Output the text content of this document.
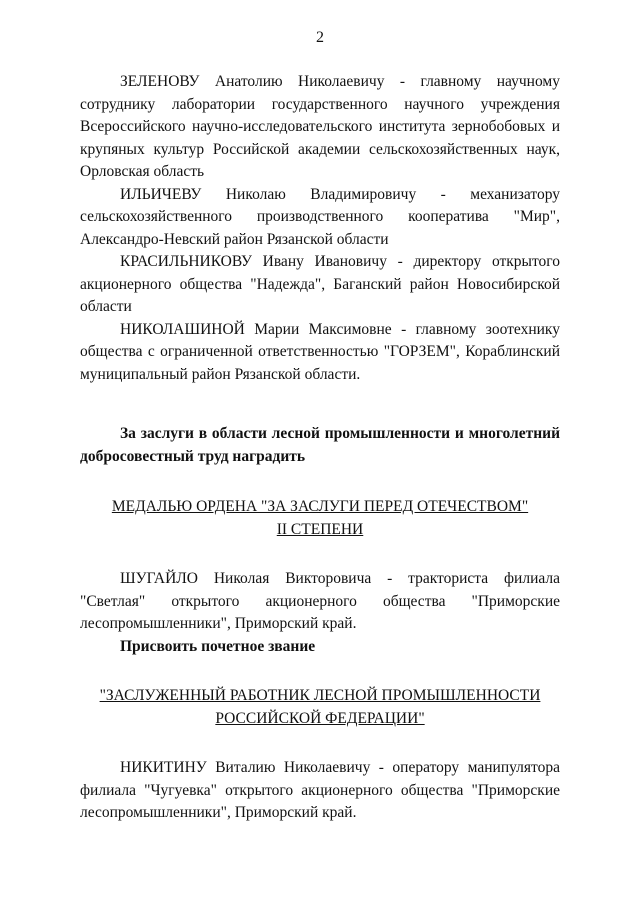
2

ЗЕЛЕНОВУ Анатолию Николаевичу - главному научному сотруднику лаборатории государственного научного учреждения Всероссийского научно-исследовательского института зернобобовых и крупяных культур Российской академии сельскохозяйственных наук, Орловская область

ИЛЬИЧЕВУ Николаю Владимировичу - механизатору сельскохозяйственного производственного кооператива "Мир", Александро-Невский район Рязанской области

КРАСИЛЬНИКОВУ Ивану Ивановичу - директору открытого акционерного общества "Надежда", Баганский район Новосибирской области

НИКОЛАШИНОЙ Марии Максимовне - главному зоотехнику общества с ограниченной ответственностью "ГОРЗЕМ", Кораблинский муниципальный район Рязанской области.

За заслуги в области лесной промышленности и многолетний добросовестный труд наградить

МЕДАЛЬЮ ОРДЕНА "ЗА ЗАСЛУГИ ПЕРЕД ОТЕЧЕСТВОМ"
II СТЕПЕНИ

ШУГАЙЛО Николая Викторовича - тракториста филиала "Светлая" открытого акционерного общества "Приморские лесопромышленники", Приморский край.

Присвоить почетное звание

"ЗАСЛУЖЕННЫЙ РАБОТНИК ЛЕСНОЙ ПРОМЫШЛЕННОСТИ
РОССИЙСКОЙ ФЕДЕРАЦИИ"

НИКИТИНУ Виталию Николаевичу - оператору манипулятора филиала "Чугуевка" открытого акционерного общества "Приморские лесопромышленники", Приморский край.
